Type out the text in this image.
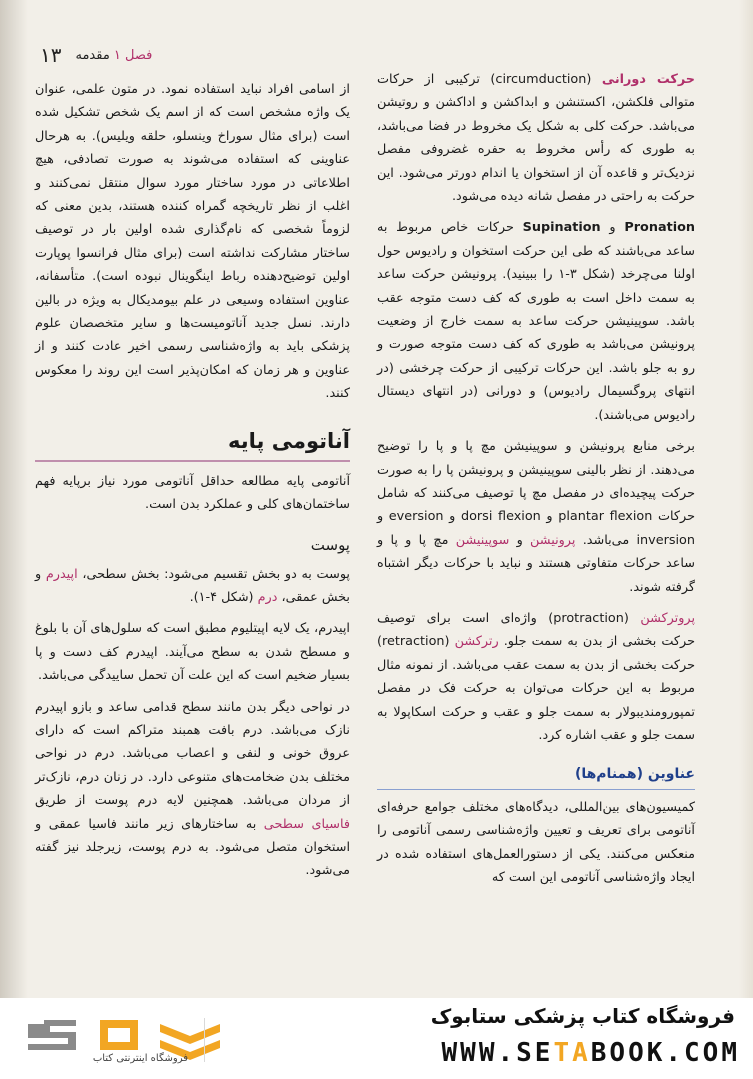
۱۳	فصل ۱ مقدمه

حرکت دورانی (circumduction) ترکیبی از حرکات متوالی فلکشن، اکستنشن و ابداکشن و اداکشن و روتیشن می‌باشد. حرکت کلی به شکل یک مخروط در فضا می‌باشد، به طوری که رأس مخروط به حفره غضروفی مفصل نزدیک‌تر و قاعده آن از استخوان یا اندام دورتر می‌شود. این حرکت به راحتی در مفصل شانه دیده می‌شود.

Pronation و Supination حرکات خاص مربوط به ساعد می‌باشند که طی این حرکت استخوان و رادیوس حول اولنا می‌چرخد (شکل ۳-۱ را ببینید). پرونیشن حرکت ساعد به سمت داخل است به طوری که کف دست متوجه عقب باشد. سوپینیشن حرکت ساعد به سمت خارج از وضعیت پرونیشن می‌باشد به طوری که کف دست متوجه صورت و رو به جلو باشد. این حرکات ترکیبی از حرکت چرخشی (در انتهای پروگسیمال رادیوس) و دورانی (در انتهای دیستال رادیوس می‌باشند).

برخی منابع پرونیشن و سوپینیشن مچ پا و پا را توضیح می‌دهند. از نظر بالینی سوپینیشن و پرونیشن پا را به صورت حرکت پیچیده‌ای در مفصل مچ پا توصیف می‌کنند که شامل حرکات plantar flexion و dorsi flexion و eversion و inversion می‌باشد. پرونیشن و سوپینیشن مچ پا و پا و ساعد حرکات متفاوتی هستند و نباید با حرکات دیگر اشتباه گرفته شوند.

پروترکشن (protraction) واژه‌ای است برای توصیف حرکت بخشی از بدن به سمت جلو. رترکشن (retraction) حرکت بخشی از بدن به سمت عقب می‌باشد. از نمونه مثال مربوط به این حرکات می‌توان به حرکت فک در مفصل تمپورومندیبولار به سمت جلو و عقب و حرکت اسکاپولا به سمت جلو و عقب اشاره کرد.

عناوین (همنام‌ها)

کمیسیون‌های بین‌المللی، دیدگاه‌های مختلف جوامع حرفه‌ای آناتومی برای تعریف و تعیین واژه‌شناسی رسمی آناتومی را منعکس می‌کنند. یکی از دستورالعمل‌های استفاده شده در ایجاد واژه‌شناسی آناتومی این است که

از اسامی افراد نباید استفاده نمود. در متون علمی، عنوان یک واژه مشخص است که از اسم یک شخص تشکیل شده است (برای مثال سوراخ وینسلو، حلقه ویلیس). به هرحال عناوینی که استفاده می‌شوند به صورت تصادفی، هیچ اطلاعاتی در مورد ساختار مورد سوال منتقل نمی‌کنند و اغلب از نظر تاریخچه گمراه کننده هستند، بدین معنی که لزوماً شخصی که نام‌گذاری شده اولین بار در توصیف ساختار مشارکت نداشته است (برای مثال فرانسوا پوپارت اولین توضیح‌دهنده رباط اینگوینال نبوده است). متأسفانه، عناوین استفاده وسیعی در علم بیومدیکال به ویژه در بالین دارند. نسل جدید آناتومیست‌ها و سایر متخصصان علوم پزشکی باید به واژه‌شناسی رسمی اخیر عادت کنند و از عناوین و هر زمان که امکان‌پذیر است این روند را معکوس کنند.

آناتومی پایه

آناتومی پایه مطالعه حداقل آناتومی مورد نیاز برپایه فهم ساختمان‌های کلی و عملکرد بدن است.

پوست

پوست به دو بخش تقسیم می‌شود: بخش سطحی، اپیدرم و بخش عمقی، درم (شکل ۴-۱).

اپیدرم، یک لایه اپیتلیوم مطبق است که سلول‌های آن با بلوغ و مسطح شدن به سطح می‌آیند. اپیدرم کف دست و پا بسیار ضخیم است که این علت آن تحمل ساییدگی می‌باشد.

در نواحی دیگر بدن مانند سطح قدامی ساعد و بازو اپیدرم نازک می‌باشد. درم بافت همبند متراکم است که دارای عروق خونی و لنفی و اعصاب می‌باشد. درم در نواحی مختلف بدن ضخامت‌های متنوعی دارد. در زنان درم، نازک‌تر از مردان می‌باشد. همچنین لایه درم پوست از طریق فاسیای سطحی به ساختارهای زیر مانند فاسیا عمقی و استخوان متصل می‌شود. به درم پوست، زیرجلد نیز گفته می‌شود.

فروشگاه اینترنتی کتاب
فروشگاه کتاب پزشکی ستابوک
WWW.SETABOOK.COM
